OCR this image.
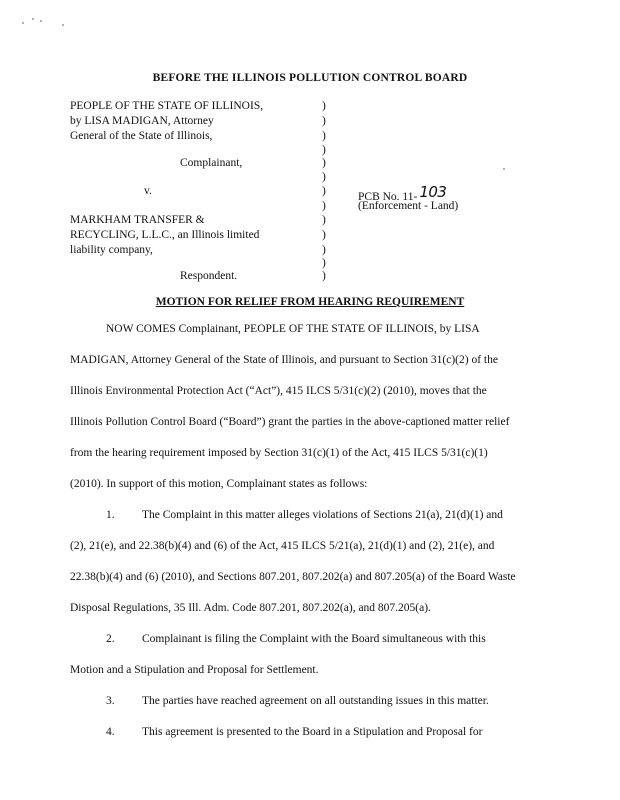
BEFORE THE ILLINOIS POLLUTION CONTROL BOARD
PEOPLE OF THE STATE OF ILLINOIS,
by LISA MADIGAN, Attorney
General of the State of Illinois,
Complainant,
v.
MARKHAM TRANSFER &
RECYCLING, L.L.C., an Illinois limited
liability company,
Respondent.
)
)
)
)
)
)
)
)
)
)
)
)
)
PCB No. 11- 103
(Enforcement - Land)
MOTION FOR RELIEF FROM HEARING REQUIREMENT
NOW COMES Complainant, PEOPLE OF THE STATE OF ILLINOIS, by LISA
MADIGAN, Attorney General of the State of Illinois, and pursuant to Section 31(c)(2) of the
Illinois Environmental Protection Act (“Act”), 415 ILCS 5/31(c)(2) (2010), moves that the
Illinois Pollution Control Board (“Board”) grant the parties in the above-captioned matter relief
from the hearing requirement imposed by Section 31(c)(1) of the Act, 415 ILCS 5/31(c)(1)
(2010). In support of this motion, Complainant states as follows:
1. The Complaint in this matter alleges violations of Sections 21(a), 21(d)(1) and
(2), 21(e), and 22.38(b)(4) and (6) of the Act, 415 ILCS 5/21(a), 21(d)(1) and (2), 21(e), and
22.38(b)(4) and (6) (2010), and Sections 807.201, 807.202(a) and 807.205(a) of the Board Waste
Disposal Regulations, 35 Ill. Adm. Code 807.201, 807.202(a), and 807.205(a).
2. Complainant is filing the Complaint with the Board simultaneous with this
Motion and a Stipulation and Proposal for Settlement.
3. The parties have reached agreement on all outstanding issues in this matter.
4. This agreement is presented to the Board in a Stipulation and Proposal for
